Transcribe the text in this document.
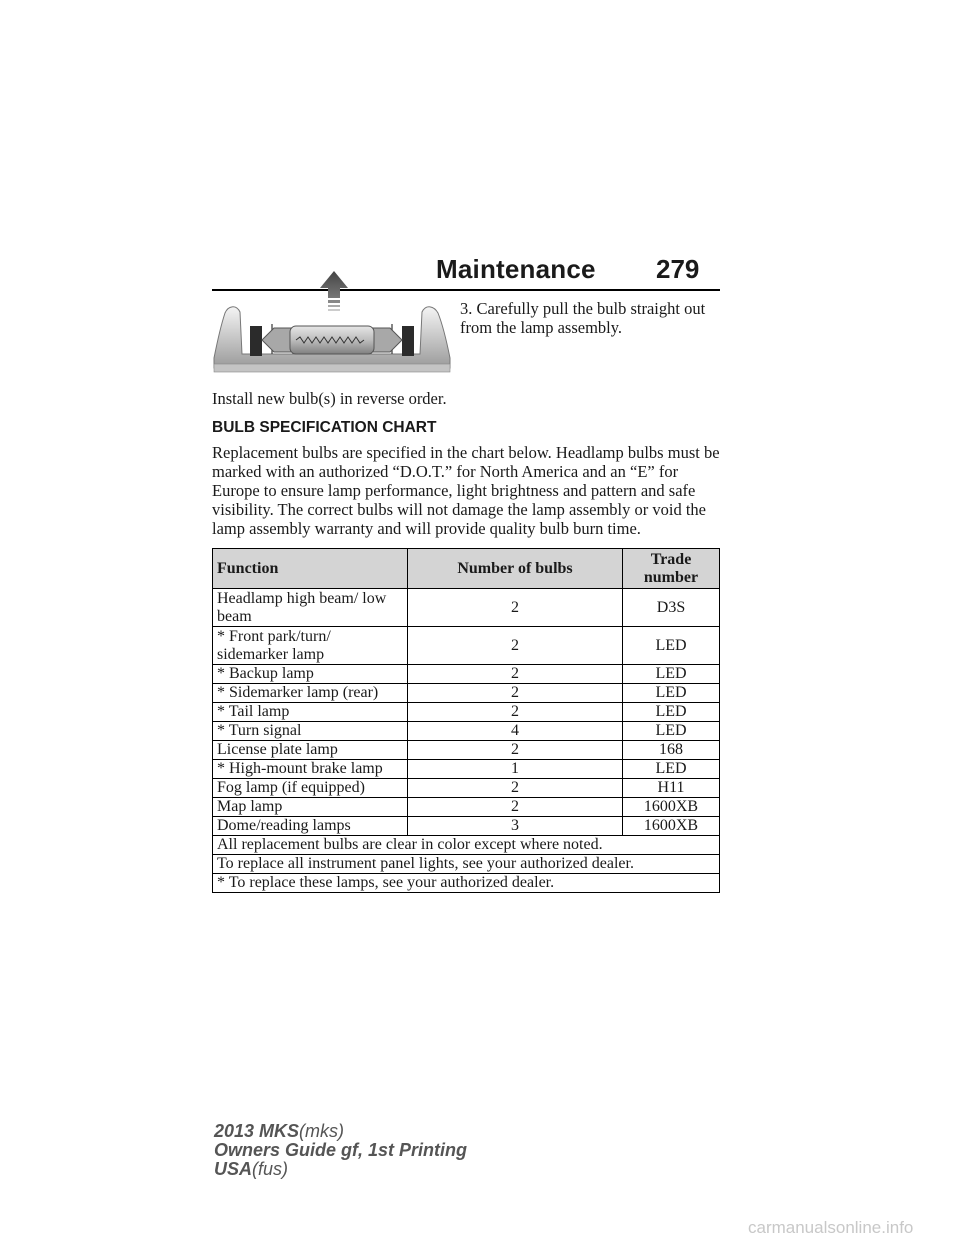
Maintenance 279
3. Carefully pull the bulb straight out from the lamp assembly.
Install new bulb(s) in reverse order.
BULB SPECIFICATION CHART
Replacement bulbs are specified in the chart below. Headlamp bulbs must be marked with an authorized “D.O.T.” for North America and an “E” for Europe to ensure lamp performance, light brightness and pattern and safe visibility. The correct bulbs will not damage the lamp assembly or void the lamp assembly warranty and will provide quality bulb burn time.
Function	Number of bulbs	Trade number
Headlamp high beam/ low beam	2	D3S
* Front park/turn/ sidemarker lamp	2	LED
* Backup lamp	2	LED
* Sidemarker lamp (rear)	2	LED
* Tail lamp	2	LED
* Turn signal	4	LED
License plate lamp	2	168
* High-mount brake lamp	1	LED
Fog lamp (if equipped)	2	H11
Map lamp	2	1600XB
Dome/reading lamps	3	1600XB
All replacement bulbs are clear in color except where noted.		
To replace all instrument panel lights, see your authorized dealer.		
* To replace these lamps, see your authorized dealer.		
2013 MKS(mks)
Owners Guide gf, 1st Printing
USA(fus)
carmanualsonline.info
